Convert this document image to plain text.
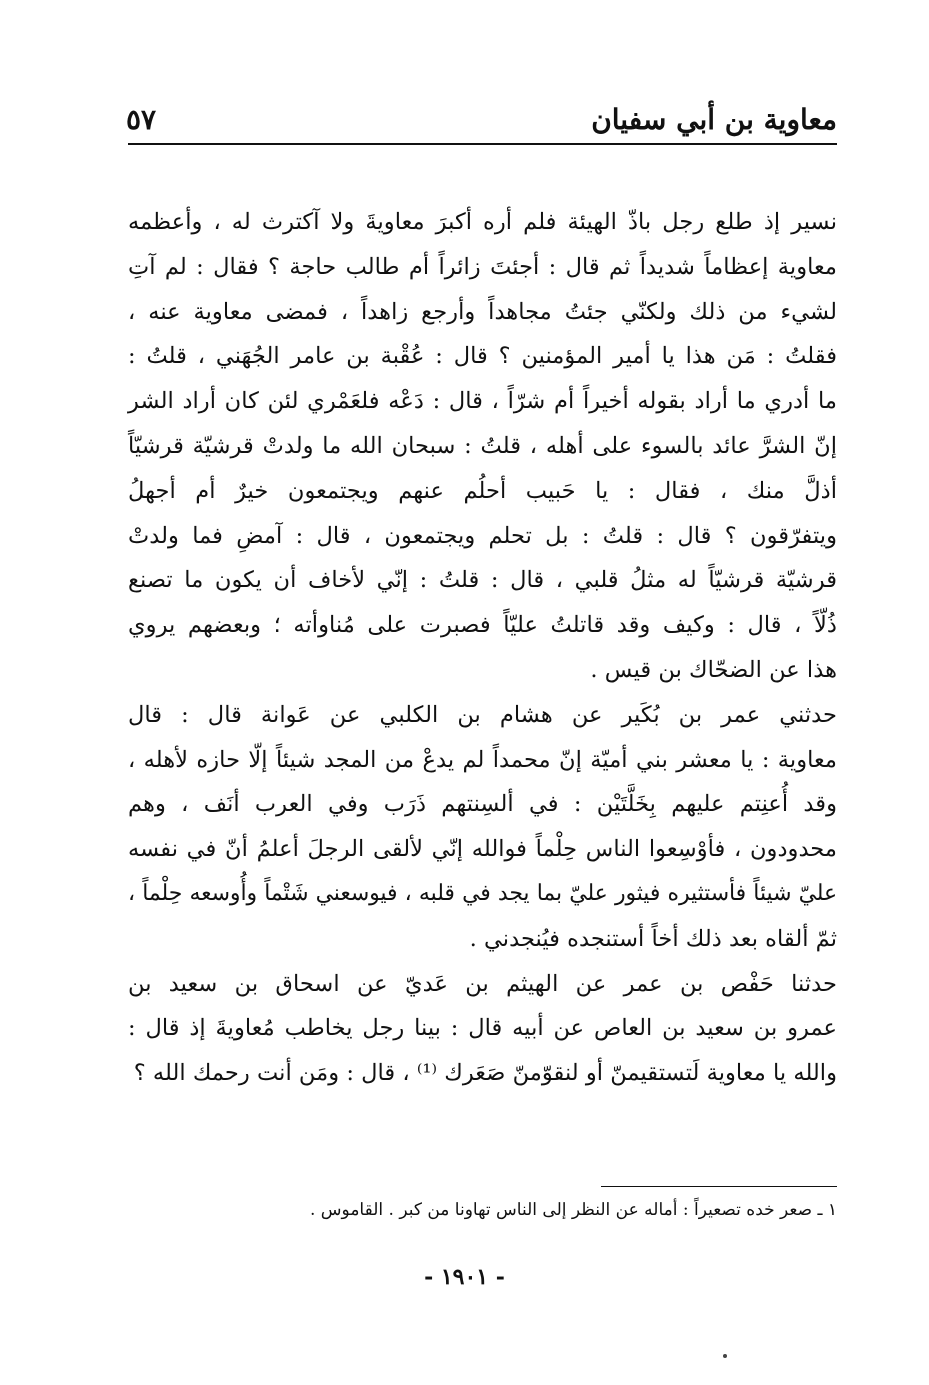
معاوية بن أبي سفيان
٥٧

نسير إذ طلع رجل باذّ الهيئة فلم أره أكبرَ معاويةَ ولا آكترث له ، وأعظمه
معاوية إعظاماً شديداً ثم قال : أجئتَ زائراً أم طالب حاجة ؟ فقال : لم آتِ
لشيء من ذلك ولكنّي جئتُ مجاهداً وأرجع زاهداً ، فمضى معاوية عنه ،
فقلتُ : مَن هذا يا أمير المؤمنين ؟ قال : عُقْبة بن عامر الجُهَني ، قلتُ :
ما أدري ما أراد بقوله أخيراً أم شرّاً ، قال : دَعْه فلعَمْري لئن كان أراد الشر
إنّ الشرَّ عائد بالسوء على أهله ، قلتُ : سبحان الله ما ولدتْ قرشيّة قرشيّاً
أذلَّ منك ، فقال : يا حَبيب أحلُم عنهم ويجتمعون خيرٌ أم أجهلُ
ويتفرّقون ؟ قال : قلتُ : بل تحلم ويجتمعون ، قال : آمضِ فما ولدتْ
قرشيّة قرشيّاً له مثلُ قلبي ، قال : قلتُ : إنّي لأخاف أن يكون ما تصنع
ذُلّاً ، قال : وكيف وقد قاتلتُ عليّاً فصبرت على مُناوأته ؛ وبعضهم يروي
هذا عن الضحّاك بن قيس .

حدثني عمر بن بُكَير عن هشام بن الكلبي عن عَوانة قال : قال
معاوية : يا معشر بني أميّة إنّ محمداً لم يدعْ من المجد شيئاً إلّا حازه لأهله ،
وقد أُعنِتم عليهم بِخَلَّتَيْن : في ألسِنتهم ذَرَب وفي العرب أنَف ، وهم
محدودون ، فأوْسِعوا الناس حِلْماً فوالله إنّي لألقى الرجلَ أعلمُ أنّ في نفسه
عليّ شيئاً فأستثيره فيثور عليّ بما يجد في قلبه ، فيوسعني شَتْماً وأُوسعه حِلْماً ،
ثمّ ألقاه بعد ذلك أخاً أستنجده فيُنجدني .

حدثنا حَفْص بن عمر عن الهيثم بن عَديّ عن اسحاق بن سعيد بن
عمرو بن سعيد بن العاص عن أبيه قال : بينا رجل يخاطب مُعاويةَ إذ قال :
والله يا معاوية لَتستقيمنّ أو لنقوّمنّ صَعَرك ⁽¹⁾ ، قال : ومَن أنت رحمك الله ؟

١ ـ صعر خده تصعيراً : أماله عن النظر إلى الناس تهاونا من كبر . القاموس .
- ١٩٠١ -
